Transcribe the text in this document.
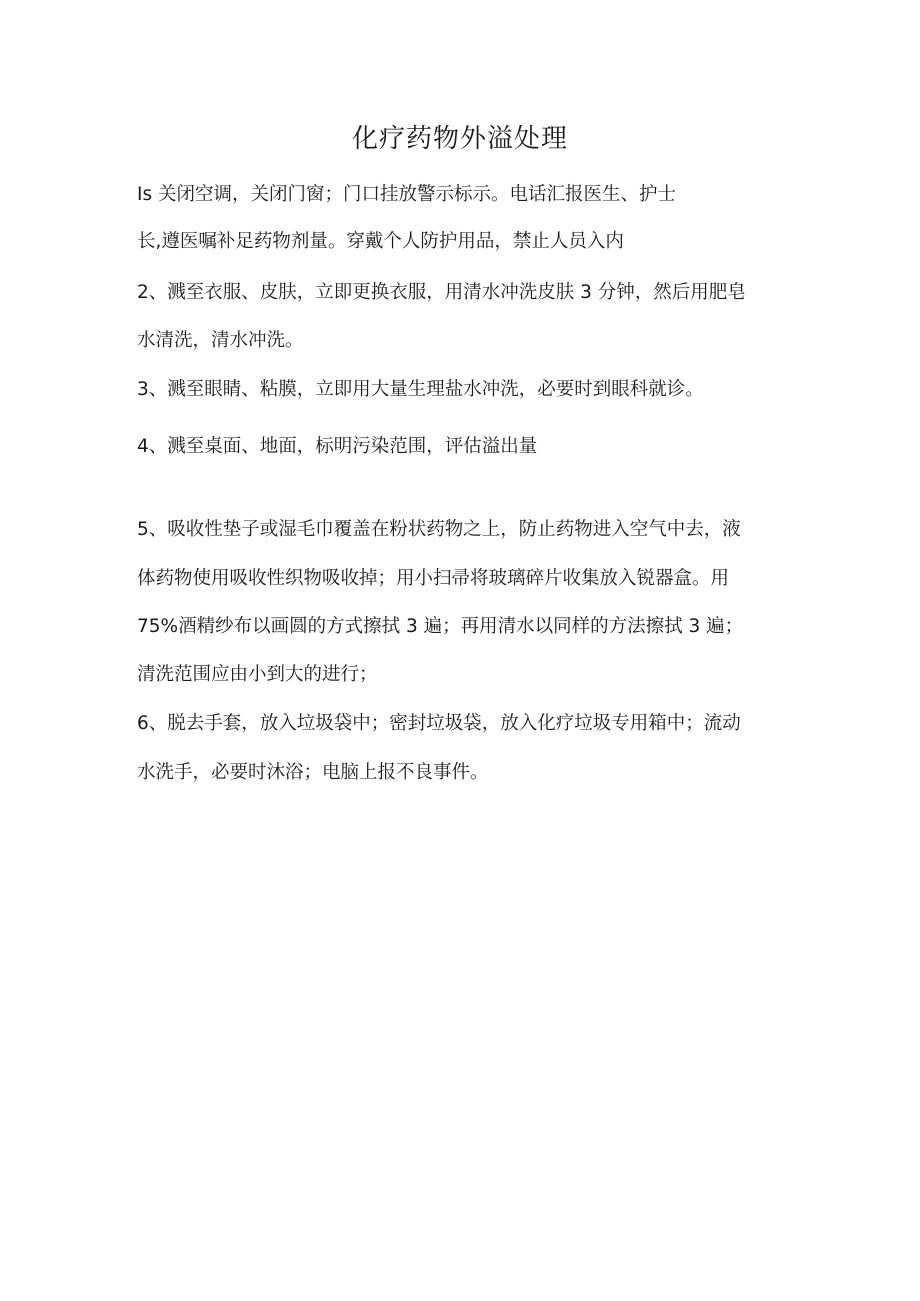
化疗药物外溢处理

Is 关闭空调，关闭门窗；门口挂放警示标示。电话汇报医生、护士

长,遵医嘱补足药物剂量。穿戴个人防护用品，禁止人员入内

2、溅至衣服、皮肤，立即更换衣服，用清水冲洗皮肤 3 分钟，然后用肥皂

水清洗，清水冲洗。

3、溅至眼睛、粘膜，立即用大量生理盐水冲洗，必要时到眼科就诊。

4、溅至桌面、地面，标明污染范围，评估溢出量

5、吸收性垫子或湿毛巾覆盖在粉状药物之上，防止药物进入空气中去，液

体药物使用吸收性织物吸收掉；用小扫帚将玻璃碎片收集放入锐器盒。用

75%酒精纱布以画圆的方式擦拭 3 遍；再用清水以同样的方法擦拭 3 遍；

清洗范围应由小到大的进行；

6、脱去手套，放入垃圾袋中；密封垃圾袋，放入化疗垃圾专用箱中；流动

水洗手，必要时沐浴；电脑上报不良事件。
